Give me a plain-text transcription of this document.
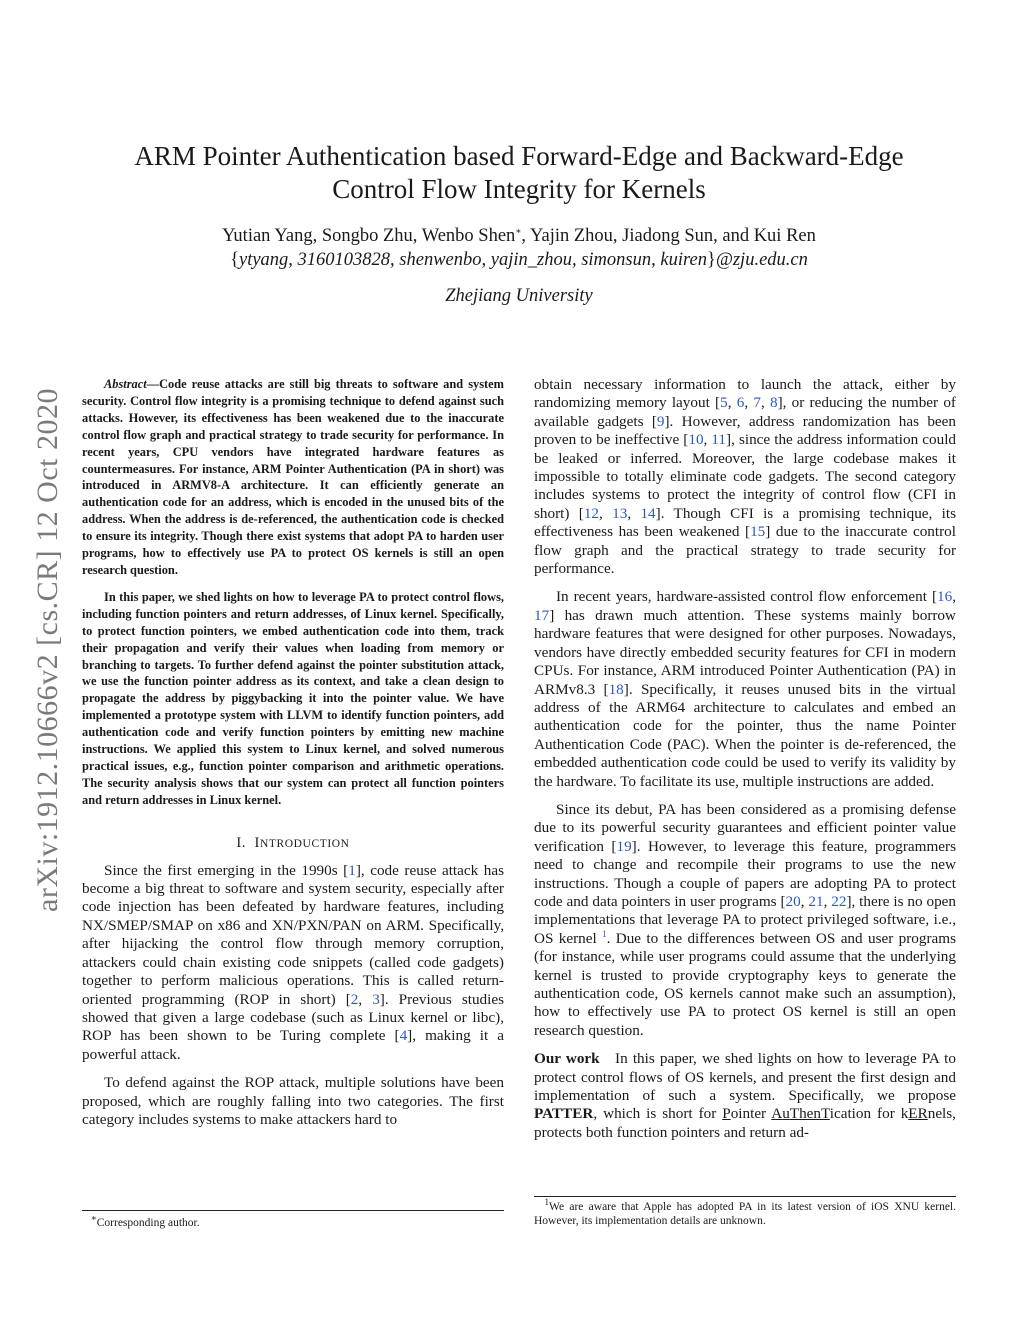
ARM Pointer Authentication based Forward-Edge and Backward-Edge
Control Flow Integrity for Kernels
Yutian Yang, Songbo Zhu, Wenbo Shen∗, Yajin Zhou, Jiadong Sun, and Kui Ren
{ytyang, 3160103828, shenwenbo, yajin_zhou, simonsun, kuiren}@zju.edu.cn
Zhejiang University
arXiv:1912.10666v2 [cs.CR] 12 Oct 2020

Abstract—Code reuse attacks are still big threats to software and system security. Control flow integrity is a promising technique to defend against such attacks. However, its effectiveness has been weakened due to the inaccurate control flow graph and practical strategy to trade security for performance. In recent years, CPU vendors have integrated hardware features as countermeasures. For instance, ARM Pointer Authentication (PA in short) was introduced in ARMV8-A architecture. It can efficiently generate an authentication code for an address, which is encoded in the unused bits of the address. When the address is de-referenced, the authentication code is checked to ensure its integrity. Though there exist systems that adopt PA to harden user programs, how to effectively use PA to protect OS kernels is still an open research question.

In this paper, we shed lights on how to leverage PA to protect control flows, including function pointers and return addresses, of Linux kernel. Specifically, to protect function pointers, we embed authentication code into them, track their propagation and verify their values when loading from memory or branching to targets. To further defend against the pointer substitution attack, we use the function pointer address as its context, and take a clean design to propagate the address by piggybacking it into the pointer value. We have implemented a prototype system with LLVM to identify function pointers, add authentication code and verify function pointers by emitting new machine instructions. We applied this system to Linux kernel, and solved numerous practical issues, e.g., function pointer comparison and arithmetic operations. The security analysis shows that our system can protect all function pointers and return addresses in Linux kernel.

I. INTRODUCTION

Since the first emerging in the 1990s [1], code reuse attack has become a big threat to software and system security, especially after code injection has been defeated by hardware features, including NX/SMEP/SMAP on x86 and XN/PXN/PAN on ARM. Specifically, after hijacking the control flow through memory corruption, attackers could chain existing code snippets (called code gadgets) together to perform malicious operations. This is called return-oriented programming (ROP in short) [2, 3]. Previous studies showed that given a large codebase (such as Linux kernel or libc), ROP has been shown to be Turing complete [4], making it a powerful attack.

To defend against the ROP attack, multiple solutions have been proposed, which are roughly falling into two categories. The first category includes systems to make attackers hard to

obtain necessary information to launch the attack, either by randomizing memory layout [5, 6, 7, 8], or reducing the number of available gadgets [9]. However, address randomization has been proven to be ineffective [10, 11], since the address information could be leaked or inferred. Moreover, the large codebase makes it impossible to totally eliminate code gadgets. The second category includes systems to protect the integrity of control flow (CFI in short) [12, 13, 14]. Though CFI is a promising technique, its effectiveness has been weakened [15] due to the inaccurate control flow graph and the practical strategy to trade security for performance.

In recent years, hardware-assisted control flow enforcement [16, 17] has drawn much attention. These systems mainly borrow hardware features that were designed for other purposes. Nowadays, vendors have directly embedded security features for CFI in modern CPUs. For instance, ARM introduced Pointer Authentication (PA) in ARMv8.3 [18]. Specifically, it reuses unused bits in the virtual address of the ARM64 architecture to calculates and embed an authentication code for the pointer, thus the name Pointer Authentication Code (PAC). When the pointer is de-referenced, the embedded authentication code could be used to verify its validity by the hardware. To facilitate its use, multiple instructions are added.

Since its debut, PA has been considered as a promising defense due to its powerful security guarantees and efficient pointer value verification [19]. However, to leverage this feature, programmers need to change and recompile their programs to use the new instructions. Though a couple of papers are adopting PA to protect code and data pointers in user programs [20, 21, 22], there is no open implementations that leverage PA to protect privileged software, i.e., OS kernel $^1$. Due to the differences between OS and user programs (for instance, while user programs could assume that the underlying kernel is trusted to provide cryptography keys to generate the authentication code, OS kernels cannot make such an assumption), how to effectively use PA to protect OS kernel is still an open research question.

Our work   In this paper, we shed lights on how to leverage PA to protect control flows of OS kernels, and present the first design and implementation of such a system. Specifically, we propose PATTER, which is short for Pointer AuThenTication for kERnels, protects both function pointers and return ad-

∗Corresponding author.
$^1$We are aware that Apple has adopted PA in its latest version of iOS XNU kernel. However, its implementation details are unknown.
